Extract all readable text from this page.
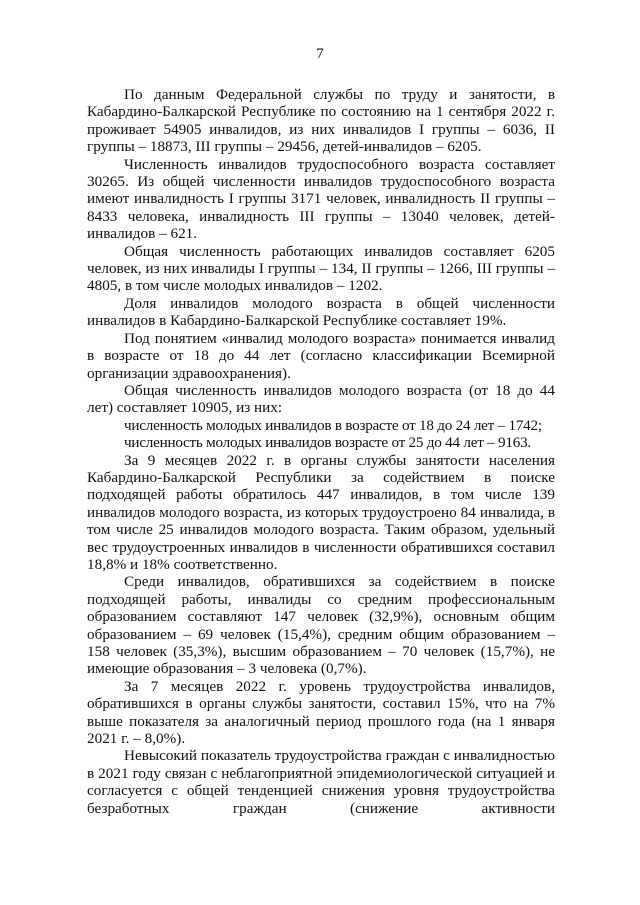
7

По данным Федеральной службы по труду и занятости, в Кабардино-Балкарской Республике по состоянию на 1 сентября 2022 г. проживает 54905 инвалидов, из них инвалидов I группы – 6036, II группы – 18873, III группы – 29456, детей-инвалидов – 6205.

Численность инвалидов трудоспособного возраста составляет 30265. Из общей численности инвалидов трудоспособного возраста имеют инвалидность I группы 3171 человек, инвалидность II группы –8433 человека, инвалидность III группы – 13040 человек, детей-инвалидов – 621.

Общая численность работающих инвалидов составляет 6205 человек, из них инвалиды I группы – 134, II группы – 1266, III группы – 4805, в том числе молодых инвалидов – 1202.

Доля инвалидов молодого возраста в общей численности инвалидов в Кабардино-Балкарской Республике составляет 19%.

Под понятием «инвалид молодого возраста» понимается инвалид в возрасте от 18 до 44 лет (согласно классификации Всемирной организации здравоохранения).

Общая численность инвалидов молодого возраста (от 18 до 44 лет) составляет 10905, из них:

численность молодых инвалидов в возрасте от 18 до 24 лет – 1742;

численность молодых инвалидов возрасте от 25 до 44 лет – 9163.

За 9 месяцев 2022 г. в органы службы занятости населения Кабардино-Балкарской Республики за содействием в поиске подходящей работы обратилось 447 инвалидов, в том числе 139 инвалидов молодого возраста, из которых трудоустроено 84 инвалида, в том числе 25 инвалидов молодого возраста. Таким образом, удельный вес трудоустроенных инвалидов в численности обратившихся составил 18,8% и 18% соответственно.

Среди инвалидов, обратившихся за содействием в поиске подходящей работы, инвалиды со средним профессиональным образованием составляют 147 человек (32,9%), основным общим образованием – 69 человек (15,4%), средним общим образованием – 158 человек (35,3%), высшим образованием – 70 человек (15,7%), не имеющие образования – 3 человека (0,7%).

За 7 месяцев 2022 г. уровень трудоустройства инвалидов, обратившихся в органы службы занятости, составил 15%, что на 7% выше показателя за аналогичный период прошлого года (на 1 января 2021 г. – 8,0%).

Невысокий показатель трудоустройства граждан с инвалидностью в 2021 году связан с неблагоприятной эпидемиологической ситуацией и согласуется с общей тенденцией снижения уровня трудоустройства безработных граждан (снижение активности
